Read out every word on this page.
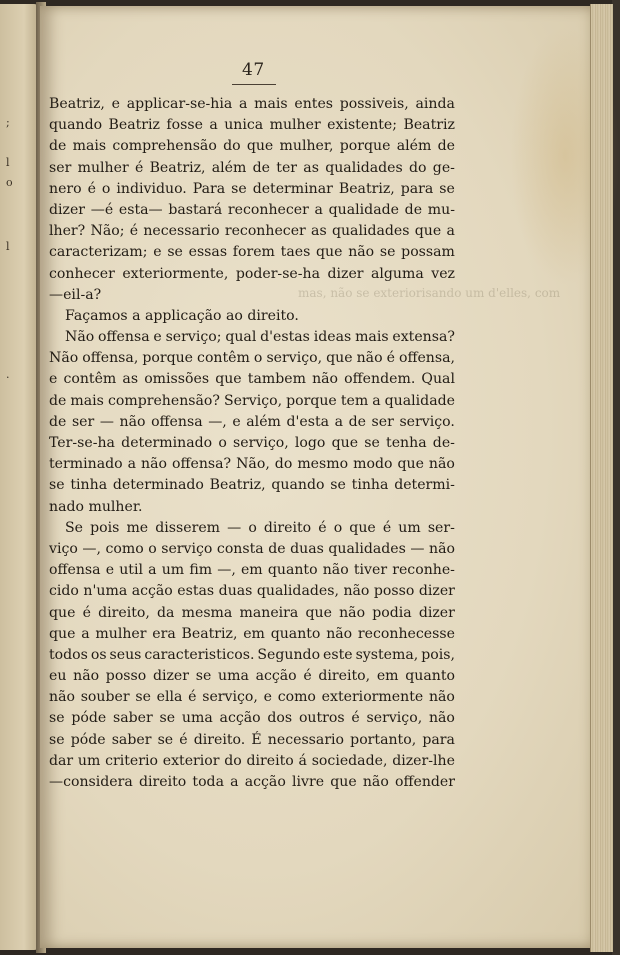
;
l
o
l
.
mas, não se exteriorisando um d'elles, com
47
Beatriz, e applicar-se-hia a mais entes possiveis, ainda
quando Beatriz fosse a unica mulher existente; Beatriz
de mais comprehensão do que mulher, porque além de
ser mulher é Beatriz, além de ter as qualidades do ge-
nero é o individuo. Para se determinar Beatriz, para se
dizer —é esta— bastará reconhecer a qualidade de mu-
lher? Não; é necessario reconhecer as qualidades que a
caracterizam; e se essas forem taes que não se possam
conhecer exteriormente, poder-se-ha dizer alguma vez
—eil-a?
Façamos a applicação ao direito.
Não offensa e serviço; qual d'estas ideas mais extensa?
Não offensa, porque contêm o serviço, que não é offensa,
e contêm as omissões que tambem não offendem. Qual
de mais comprehensão? Serviço, porque tem a qualidade
de ser — não offensa —, e além d'esta a de ser serviço.
Ter-se-ha determinado o serviço, logo que se tenha de-
terminado a não offensa? Não, do mesmo modo que não
se tinha determinado Beatriz, quando se tinha determi-
nado mulher.
Se pois me disserem — o direito é o que é um ser-
viço —, como o serviço consta de duas qualidades — não
offensa e util a um fim —, em quanto não tiver reconhe-
cido n'uma acção estas duas qualidades, não posso dizer
que é direito, da mesma maneira que não podia dizer
que a mulher era Beatriz, em quanto não reconhecesse
todos os seus caracteristicos. Segundo este systema, pois,
eu não posso dizer se uma acção é direito, em quanto
não souber se ella é serviço, e como exteriormente não
se póde saber se uma acção dos outros é serviço, não
se póde saber se é direito. É necessario portanto, para
dar um criterio exterior do direito á sociedade, dizer-lhe
—considera direito toda a acção livre que não offender
